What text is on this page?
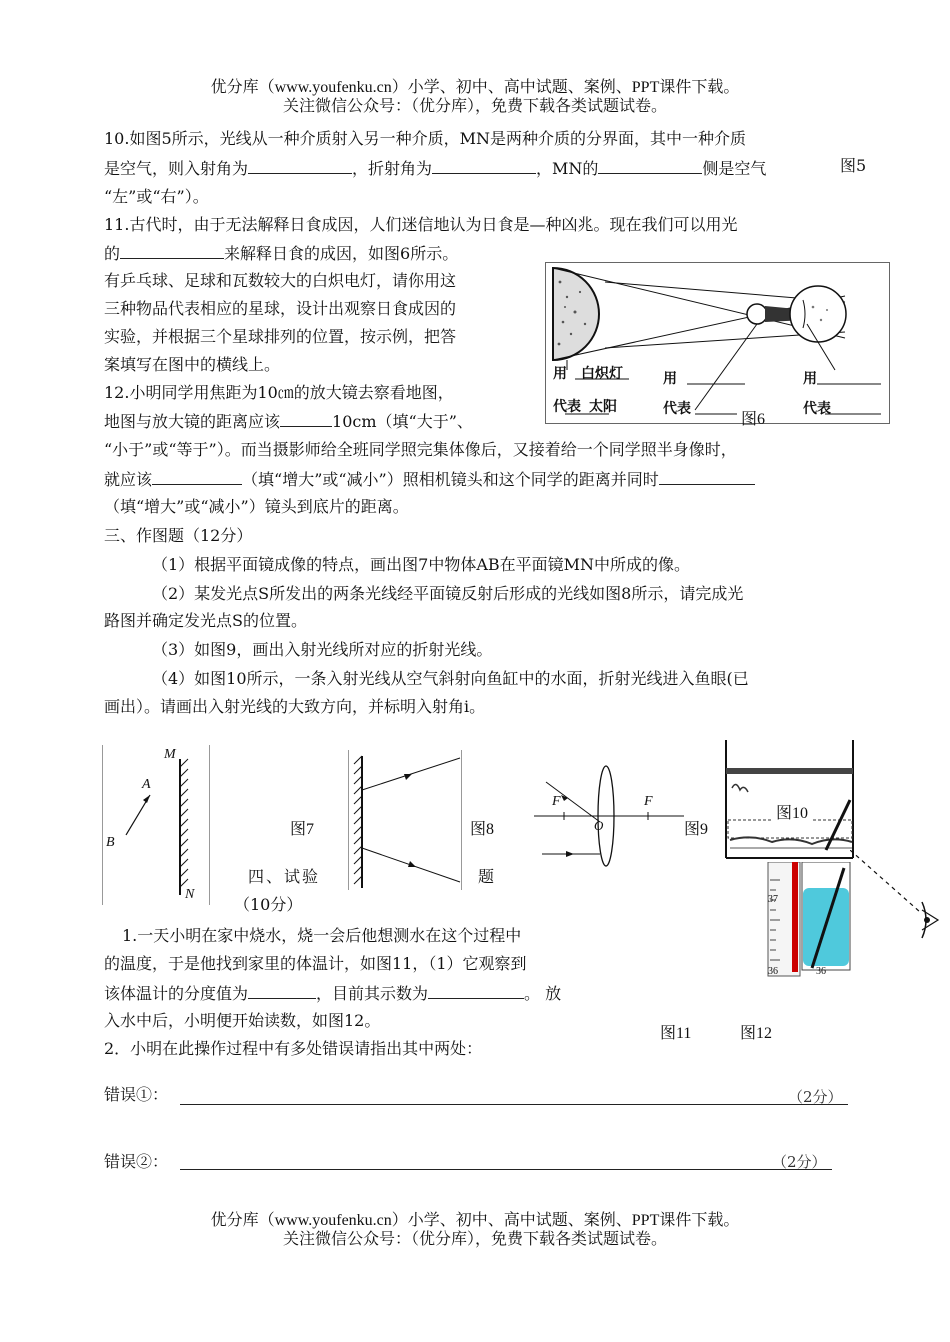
优分库（www.youfenku.cn）小学、初中、高中试题、案例、PPT课件下载。
关注微信公众号：（优分库），免费下载各类试题试卷。
10.如图5所示，光线从一种介质射入另一种介质，MN是两种介质的分界面，其中一种介质
是空气，则入射角为	，折射角为	，MN的	侧是空气	图5
“左”或“右”）。
11.古代时，由于无法解释日食成因，人们迷信地认为日食是—种凶兆。现在我们可以用光
的	来解释日食的成因，如图6所示。
有乒乓球、足球和瓦数较大的白炽电灯，请你用这
三种物品代表相应的星球，设计出观察日食成因的
实验，并根据三个星球排列的位置，按示例，把答
案填写在图中的横线上。
用 白炽灯
代表 太阳
用
代表
用
代表
图6
12.小明同学用焦距为10㎝的放大镜去察看地图，
地图与放大镜的距离应该	10cm（填“大于”、
“小于”或“等于”）。而当摄影师给全班同学照完集体像后，又接着给一个同学照半身像时，
就应该	（填“增大”或“减小”）照相机镜头和这个同学的距离并同时
（填“增大”或“减小”）镜头到底片的距离。
三、作图题（12分）
（1）根据平面镜成像的特点，画出图7中物体AB在平面镜MN中所成的像。
（2）某发光点S所发出的两条光线经平面镜反射后形成的光线如图8所示，请完成光
路图并确定发光点S的位置。
（3）如图9，画出入射光线所对应的折射光线。
（4）如图10所示，一条入射光线从空气斜射向鱼缸中的水面，折射光线进入鱼眼(已
画出）。请画出入射光线的大致方向，并标明入射角i。
M
N
A
B
图7	图8
F	F
O	图9
图10
四、试验	题
（10分）	37
36	36
1.一天小明在家中烧水，烧一会后他想测水在这个过程中
的温度，于是他找到家里的体温计，如图11，（1）它观察到
该体温计的分度值为	，目前其示数为	。 放
入水中后，小明便开始读数，如图12。
图11	图12
2．小明在此操作过程中有多处错误请指出其中两处：
错误①：	（2分）
错误②：	（2分）
优分库（www.youfenku.cn）小学、初中、高中试题、案例、PPT课件下载。
关注微信公众号：（优分库），免费下载各类试题试卷。
